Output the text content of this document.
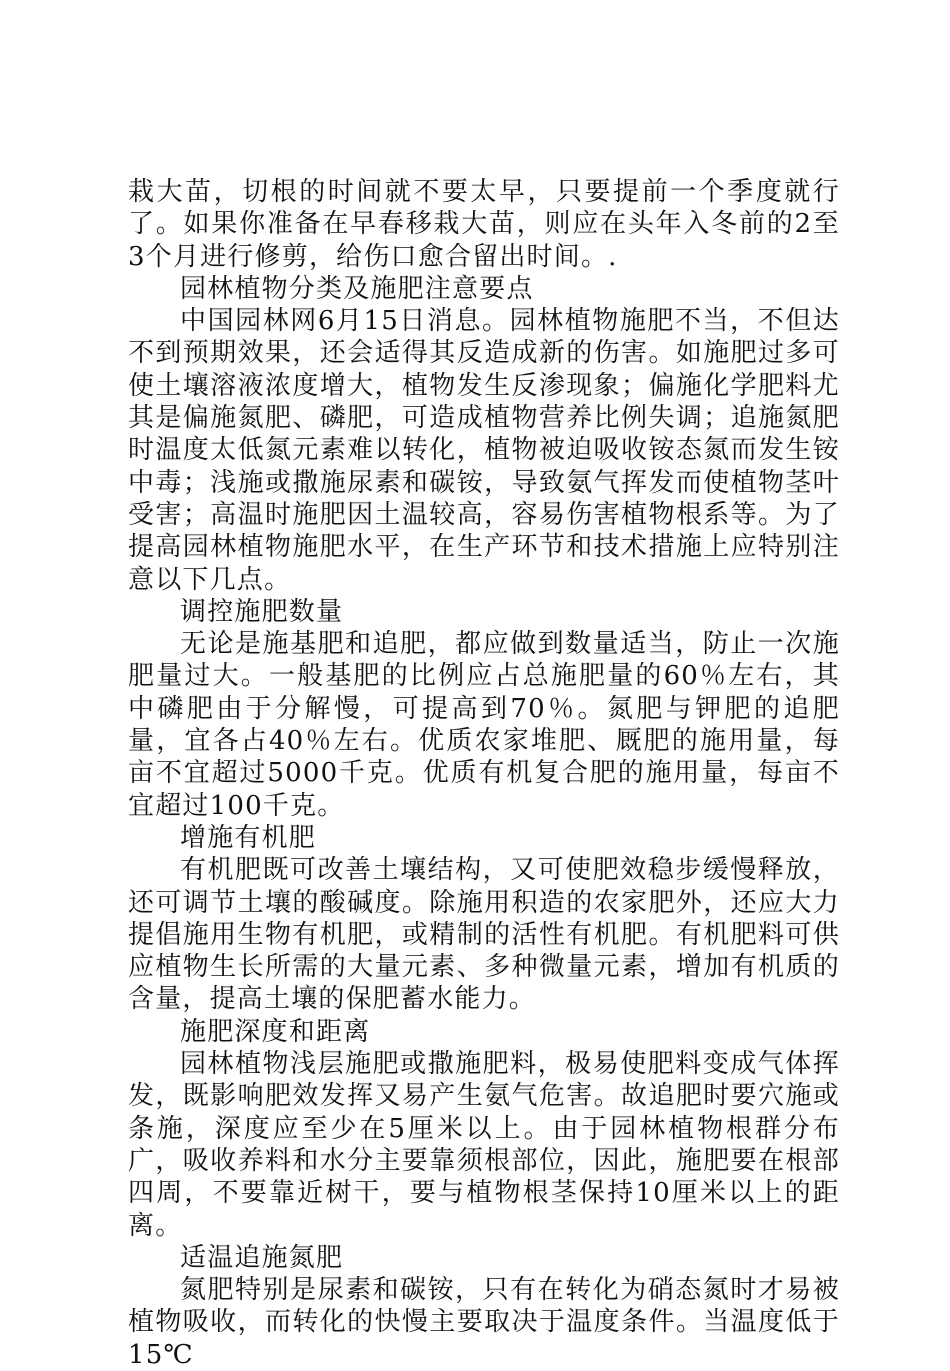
栽大苗，切根的时间就不要太早，只要提前一个季度就行了。如果你准备在早春移栽大苗，则应在头年入冬前的2至3个月进行修剪，给伤口愈合留出时间。.

园林植物分类及施肥注意要点

中国园林网6月15日消息。园林植物施肥不当，不但达不到预期效果，还会适得其反造成新的伤害。如施肥过多可使土壤溶液浓度增大，植物发生反渗现象；偏施化学肥料尤其是偏施氮肥、磷肥，可造成植物营养比例失调；追施氮肥时温度太低氮元素难以转化，植物被迫吸收铵态氮而发生铵中毒；浅施或撒施尿素和碳铵，导致氨气挥发而使植物茎叶受害；高温时施肥因土温较高，容易伤害植物根系等。为了提高园林植物施肥水平，在生产环节和技术措施上应特别注意以下几点。

调控施肥数量

无论是施基肥和追肥，都应做到数量适当，防止一次施肥量过大。一般基肥的比例应占总施肥量的60％左右，其中磷肥由于分解慢，可提高到70％。氮肥与钾肥的追肥量，宜各占40％左右。优质农家堆肥、厩肥的施用量，每亩不宜超过5000千克。优质有机复合肥的施用量，每亩不宜超过100千克。

增施有机肥

有机肥既可改善土壤结构，又可使肥效稳步缓慢释放，还可调节土壤的酸碱度。除施用积造的农家肥外，还应大力提倡施用生物有机肥，或精制的活性有机肥。有机肥料可供应植物生长所需的大量元素、多种微量元素，增加有机质的含量，提高土壤的保肥蓄水能力。

施肥深度和距离

园林植物浅层施肥或撒施肥料，极易使肥料变成气体挥发，既影响肥效发挥又易产生氨气危害。故追肥时要穴施或条施，深度应至少在5厘米以上。由于园林植物根群分布广，吸收养料和水分主要靠须根部位，因此，施肥要在根部四周，不要靠近树干，要与植物根茎保持10厘米以上的距离。

适温追施氮肥

氮肥特别是尿素和碳铵，只有在转化为硝态氮时才易被植物吸收，而转化的快慢主要取决于温度条件。当温度低于15℃
